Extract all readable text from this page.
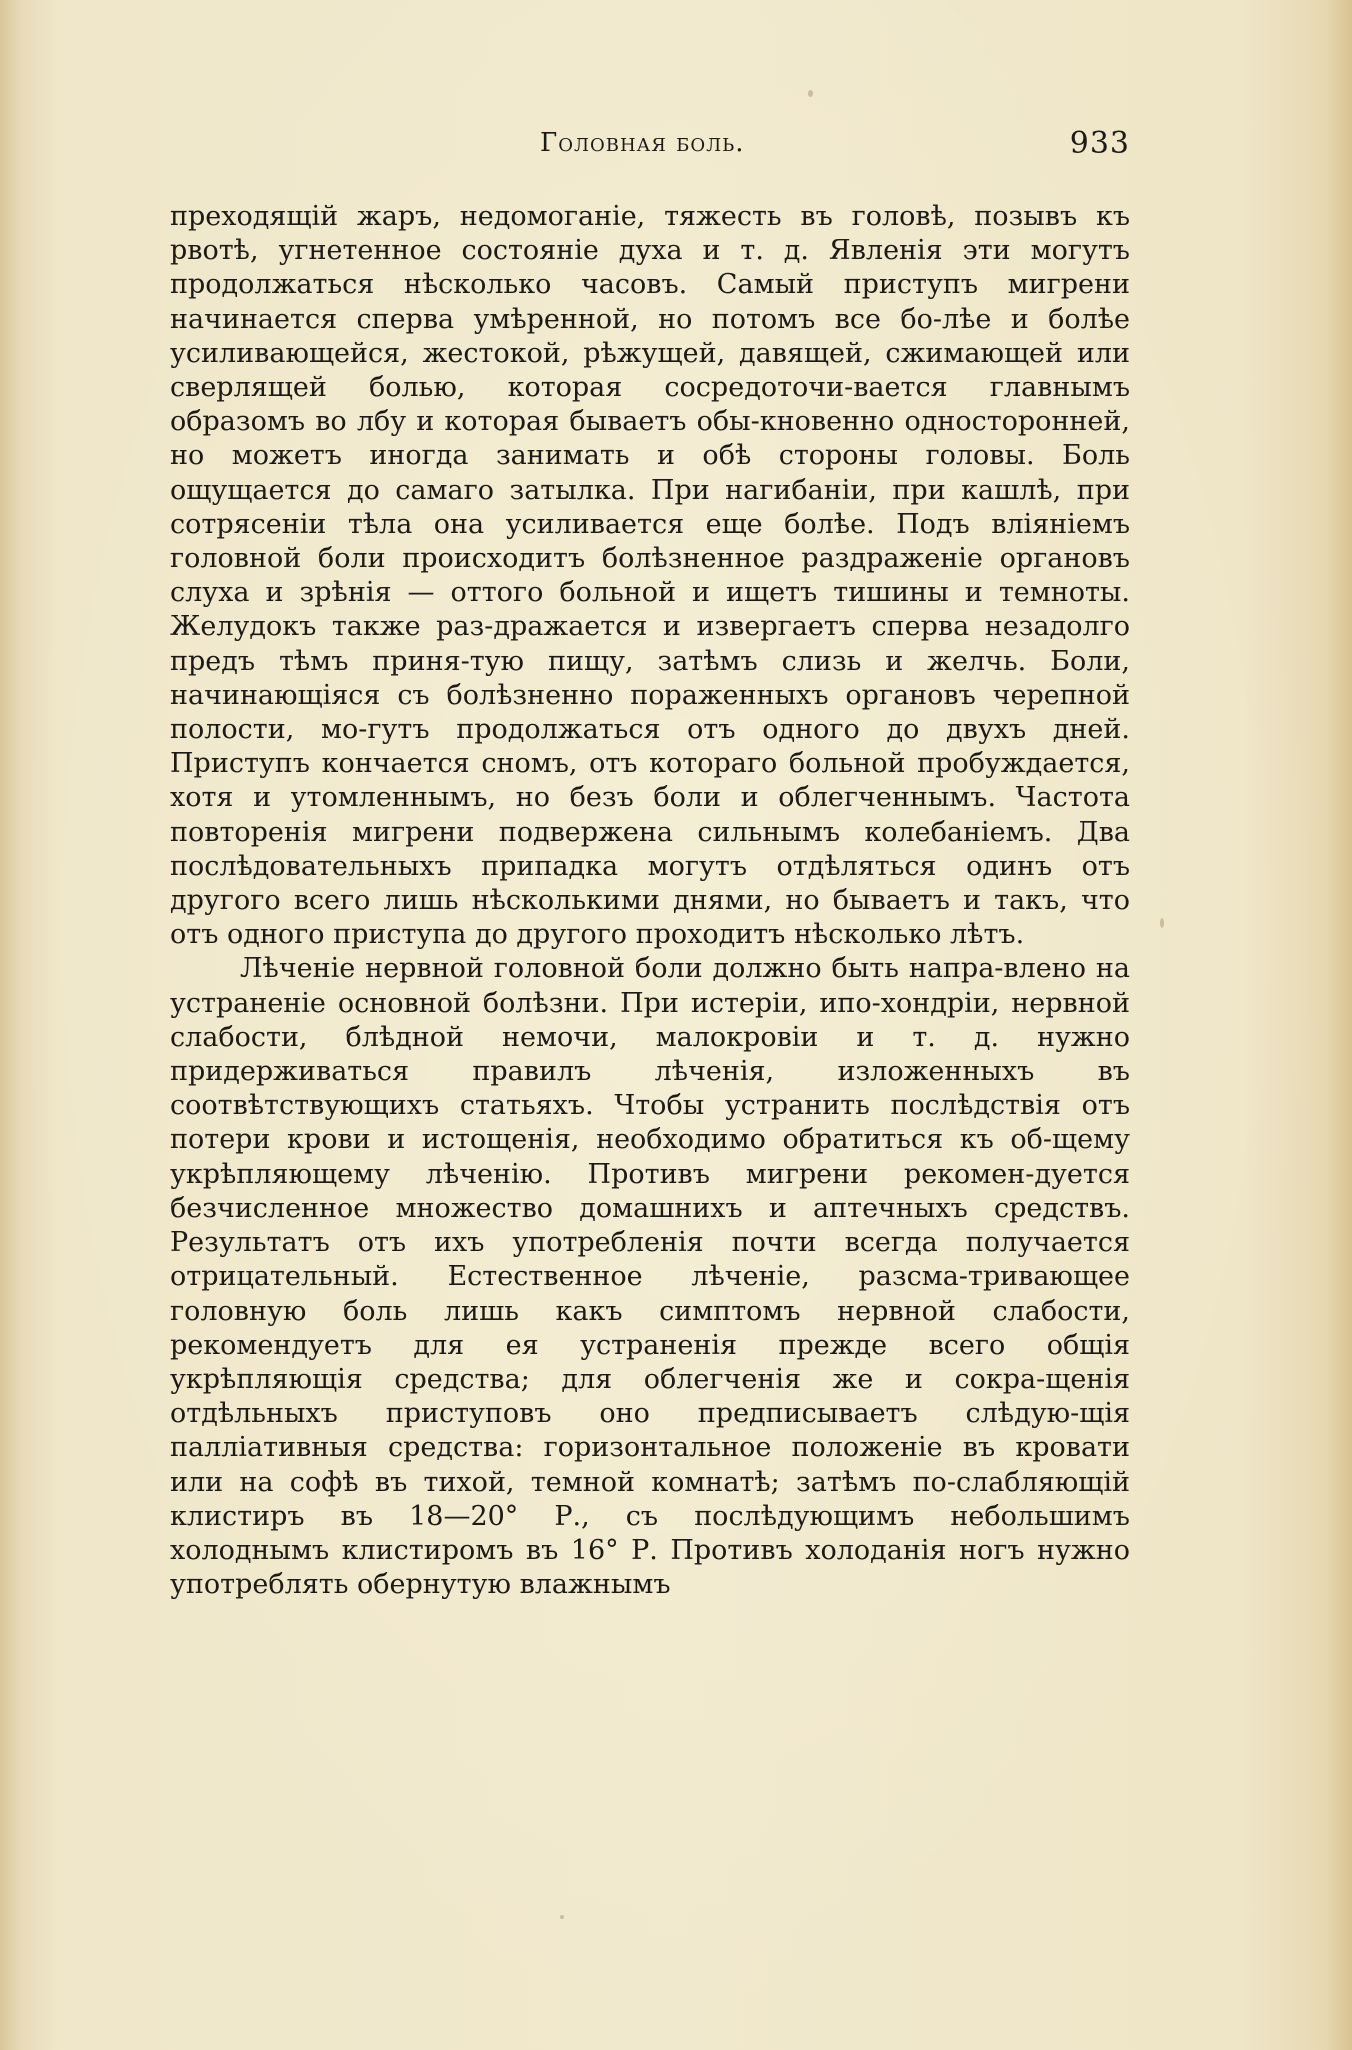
Головная боль.	933

преходящій жаръ, недомоганіе, тяжесть въ головѣ, позывъ къ рвотѣ, угнетенное состояніе духа и т. д. Явленія эти могутъ продолжаться нѣсколько часовъ. Самый приступъ мигрени начинается сперва умѣренной, но потомъ все бо-лѣе и болѣе усиливающейся, жестокой, рѣжущей, давящей, сжимающей или сверлящей болью, которая сосредоточи-вается главнымъ образомъ во лбу и которая бываетъ обы-кновенно односторонней, но можетъ иногда занимать и обѣ стороны головы. Боль ощущается до самаго затылка. При нагибаніи, при кашлѣ, при сотрясеніи тѣла она усиливается еще болѣе. Подъ вліяніемъ головной боли происходитъ болѣзненное раздраженіе органовъ слуха и зрѣнія — оттого больной и ищетъ тишины и темноты. Желудокъ также раз-дражается и извергаетъ сперва незадолго предъ тѣмъ приня-тую пищу, затѣмъ слизь и желчь. Боли, начинающіяся съ болѣзненно пораженныхъ органовъ черепной полости, мо-гутъ продолжаться отъ одного до двухъ дней. Приступъ кончается сномъ, отъ котораго больной пробуждается, хотя и утомленнымъ, но безъ боли и облегченнымъ. Частота повторенія мигрени подвержена сильнымъ колебаніемъ. Два послѣдовательныхъ припадка могутъ отдѣляться одинъ отъ другого всего лишь нѣсколькими днями, но бываетъ и такъ, что отъ одного приступа до другого проходитъ нѣсколько лѣтъ.

Лѣченіе нервной головной боли должно быть напра-влено на устраненіе основной болѣзни. При истеріи, ипо-хондріи, нервной слабости, блѣдной немочи, малокровіи и т. д. нужно придерживаться правилъ лѣченія, изложенныхъ въ соотвѣтствующихъ статьяхъ. Чтобы устранить послѣдствія отъ потери крови и истощенія, необходимо обратиться къ об-щему укрѣпляющему лѣченію. Противъ мигрени рекомен-дуется безчисленное множество домашнихъ и аптечныхъ средствъ. Результатъ отъ ихъ употребленія почти всегда получается отрицательный. Естественное лѣченіе, разсма-тривающее головную боль лишь какъ симптомъ нервной слабости, рекомендуетъ для ея устраненія прежде всего общія укрѣпляющія средства; для облегченія же и сокра-щенія отдѣльныхъ приступовъ оно предписываетъ слѣдую-щія палліативныя средства: горизонтальное положеніе въ кровати или на софѣ въ тихой, темной комнатѣ; затѣмъ по-слабляющій клистиръ въ 18—20° Р., съ послѣдующимъ небольшимъ холоднымъ клистиромъ въ 16° Р. Противъ холоданія ногъ нужно употреблять обернутую влажнымъ
